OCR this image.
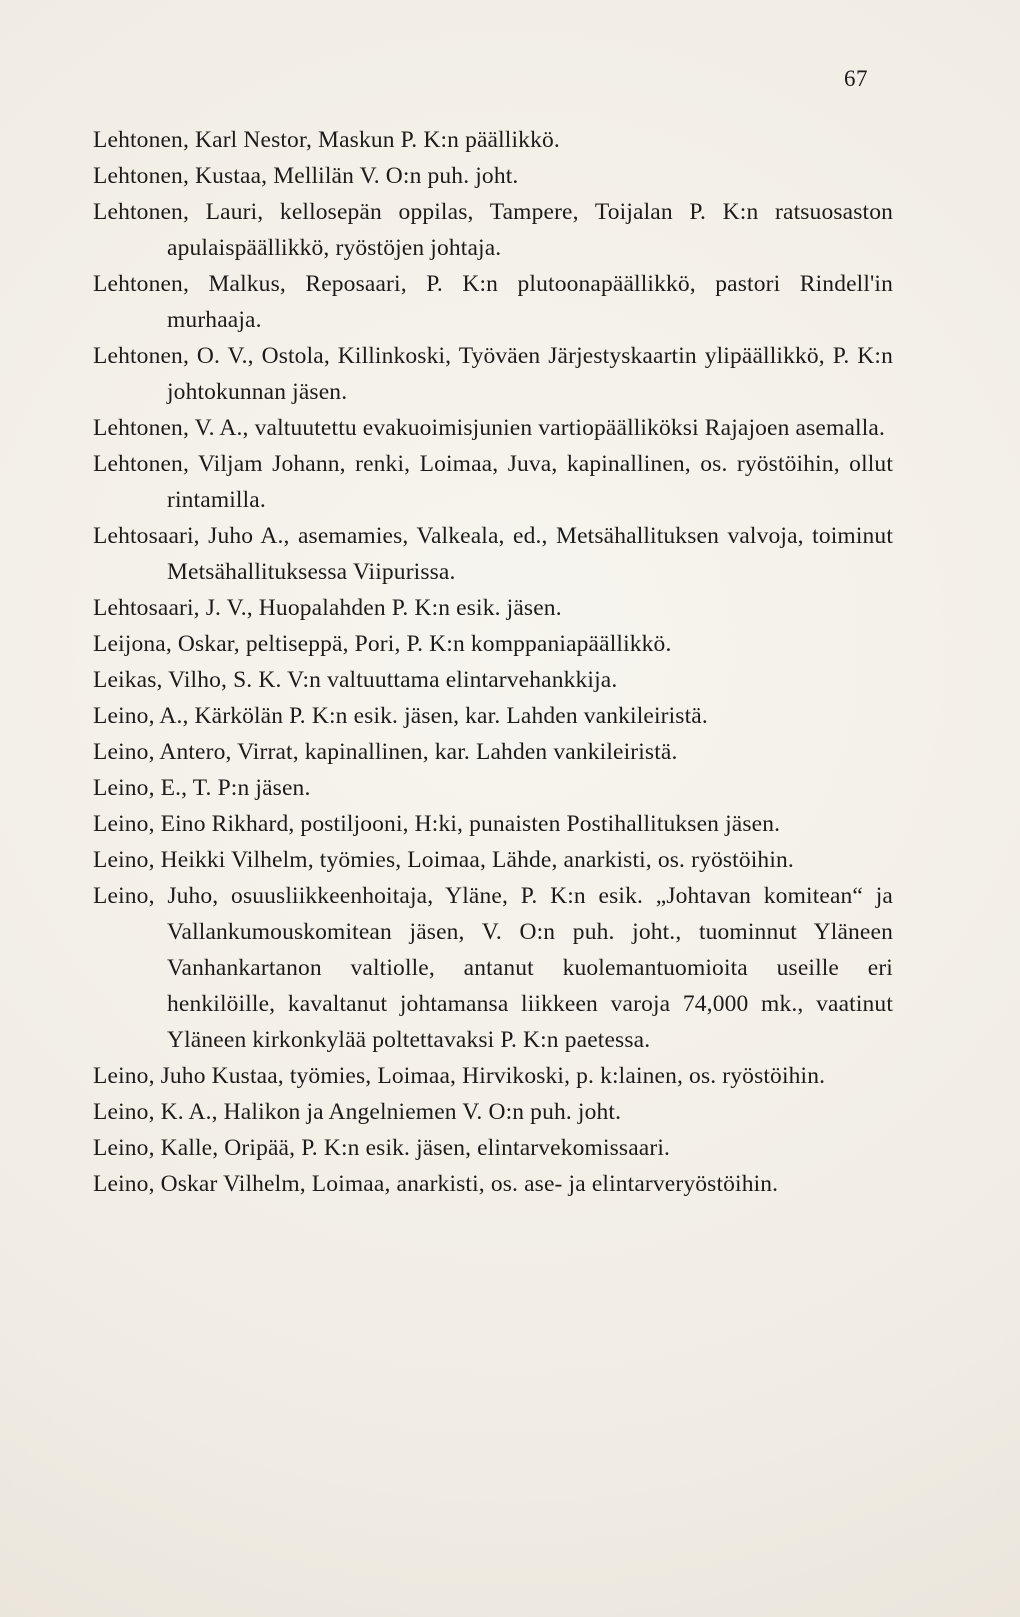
67
Lehtonen, Karl Nestor, Maskun P. K:n päällikkö.
Lehtonen, Kustaa, Mellilän V. O:n puh. joht.
Lehtonen, Lauri, kellosepän oppilas, Tampere, Toijalan P. K:n ratsuosaston apulaispäällikkö, ryöstöjen johtaja.
Lehtonen, Malkus, Reposaari, P. K:n plutoonapäällikkö, pastori Rindell'in murhaaja.
Lehtonen, O. V., Ostola, Killinkoski, Työväen Järjestyskaartin ylipäällikkö, P. K:n johtokunnan jäsen.
Lehtonen, V. A., valtuutettu evakuoimisjunien vartiopäälliköksi Rajajoen asemalla.
Lehtonen, Viljam Johann, renki, Loimaa, Juva, kapinallinen, os. ryöstöihin, ollut rintamilla.
Lehtosaari, Juho A., asemamies, Valkeala, ed., Metsähallituksen valvoja, toiminut Metsähallituksessa Viipurissa.
Lehtosaari, J. V., Huopalahden P. K:n esik. jäsen.
Leijona, Oskar, peltiseppä, Pori, P. K:n komppaniapäällikkö.
Leikas, Vilho, S. K. V:n valtuuttama elintarvehankkija.
Leino, A., Kärkölän P. K:n esik. jäsen, kar. Lahden vankileiristä.
Leino, Antero, Virrat, kapinallinen, kar. Lahden vankileiristä.
Leino, E., T. P:n jäsen.
Leino, Eino Rikhard, postiljooni, H:ki, punaisten Postihallituksen jäsen.
Leino, Heikki Vilhelm, työmies, Loimaa, Lähde, anarkisti, os. ryöstöihin.
Leino, Juho, osuusliikkeenhoitaja, Yläne, P. K:n esik. „Johtavan komitean“ ja Vallankumouskomitean jäsen, V. O:n puh. joht., tuominnut Yläneen Vanhankartanon valtiolle, antanut kuolemantuomioita useille eri henkilöille, kavaltanut johtamansa liikkeen varoja 74,000 mk., vaatinut Yläneen kirkonkylää poltettavaksi P. K:n paetessa.
Leino, Juho Kustaa, työmies, Loimaa, Hirvikoski, p. k:lainen, os. ryöstöihin.
Leino, K. A., Halikon ja Angelniemen V. O:n puh. joht.
Leino, Kalle, Oripää, P. K:n esik. jäsen, elintarvekomissaari.
Leino, Oskar Vilhelm, Loimaa, anarkisti, os. ase- ja elintarveryöstöihin.
